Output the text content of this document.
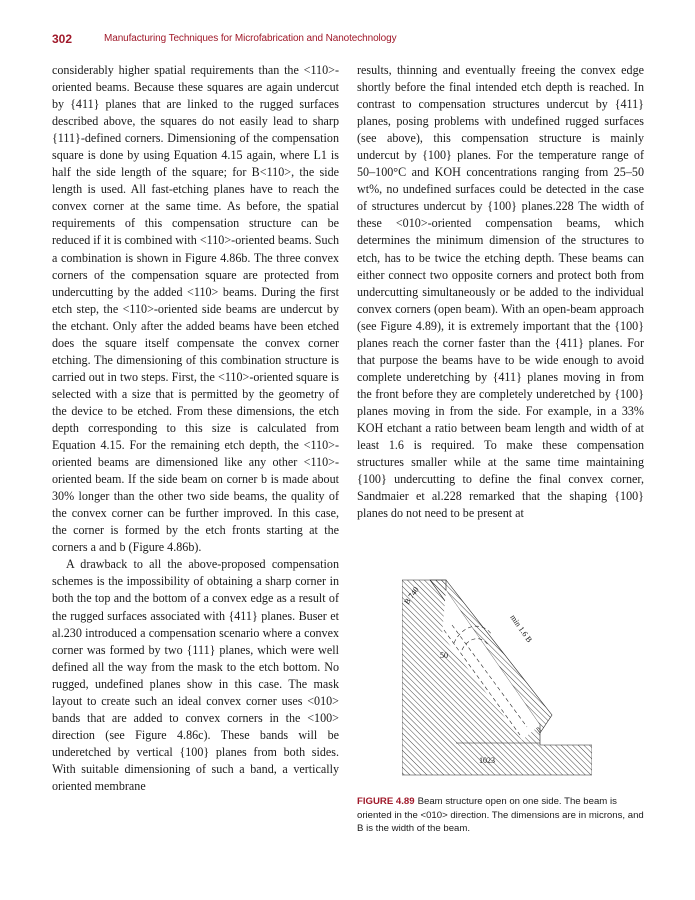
302	Manufacturing Techniques for Microfabrication and Nanotechnology

considerably higher spatial requirements than the <110>-oriented beams. Because these squares are again undercut by {411} planes that are linked to the rugged surfaces described above, the squares do not easily lead to sharp {111}-defined corners. Dimensioning of the compensation square is done by using Equation 4.15 again, where L1 is half the side length of the square; for B<110>, the side length is used. All fast-etching planes have to reach the convex corner at the same time. As before, the spatial requirements of this compensation structure can be reduced if it is combined with <110>-oriented beams. Such a combination is shown in Figure 4.86b. The three convex corners of the compensation square are protected from undercutting by the added <110> beams. During the first etch step, the <110>-oriented side beams are undercut by the etchant. Only after the added beams have been etched does the square itself compensate the convex corner etching. The dimensioning of this combination structure is carried out in two steps. First, the <110>-oriented square is selected with a size that is permitted by the geometry of the device to be etched. From these dimensions, the etch depth corresponding to this size is calculated from Equation 4.15. For the remaining etch depth, the <110>-oriented beams are dimensioned like any other <110>-oriented beam. If the side beam on corner b is made about 30% longer than the other two side beams, the quality of the convex corner can be further improved. In this case, the corner is formed by the etch fronts starting at the corners a and b (Figure 4.86b).

A drawback to all the above-proposed compensation schemes is the impossibility of obtaining a sharp corner in both the top and the bottom of a convex edge as a result of the rugged surfaces associated with {411} planes. Buser et al.230 introduced a compensation scenario where a convex corner was formed by two {111} planes, which were well defined all the way from the mask to the etch bottom. No rugged, undefined planes show in this case. The mask layout to create such an ideal convex corner uses <010> bands that are added to convex corners in the <100> direction (see Figure 4.86c). These bands will be underetched by vertical {100} planes from both sides. With suitable dimensioning of such a band, a vertically oriented membrane

results, thinning and eventually freeing the convex edge shortly before the final intended etch depth is reached. In contrast to compensation structures undercut by {411} planes, posing problems with undefined rugged surfaces (see above), this compensation structure is mainly undercut by {100} planes. For the temperature range of 50–100°C and KOH concentrations ranging from 25–50 wt%, no undefined surfaces could be detected in the case of structures undercut by {100} planes.228 The width of these <010>-oriented compensation beams, which determines the minimum dimension of the structures to etch, has to be twice the etching depth. These beams can either connect two opposite corners and protect both from undercutting simultaneously or be added to the individual convex corners (open beam). With an open-beam approach (see Figure 4.89), it is extremely important that the {100} planes reach the corner faster than the {411} planes. For that purpose the beams have to be wide enough to avoid complete underetching by {411} planes moving in from the front before they are completely underetched by {100} planes moving in from the side. For example, in a 33% KOH etchant a ratio between beam length and width of at least 1.6 is required. To make these compensation structures smaller while at the same time maintaining {100} undercutting to define the final convex corner, Sandmaier et al.228 remarked that the shaping {100} planes do not need to be present at

B 740
min 1.6 B
50
1023
FIGURE 4.89 Beam structure open on one side. The beam is oriented in the <010> direction. The dimensions are in microns, and B is the width of the beam.
